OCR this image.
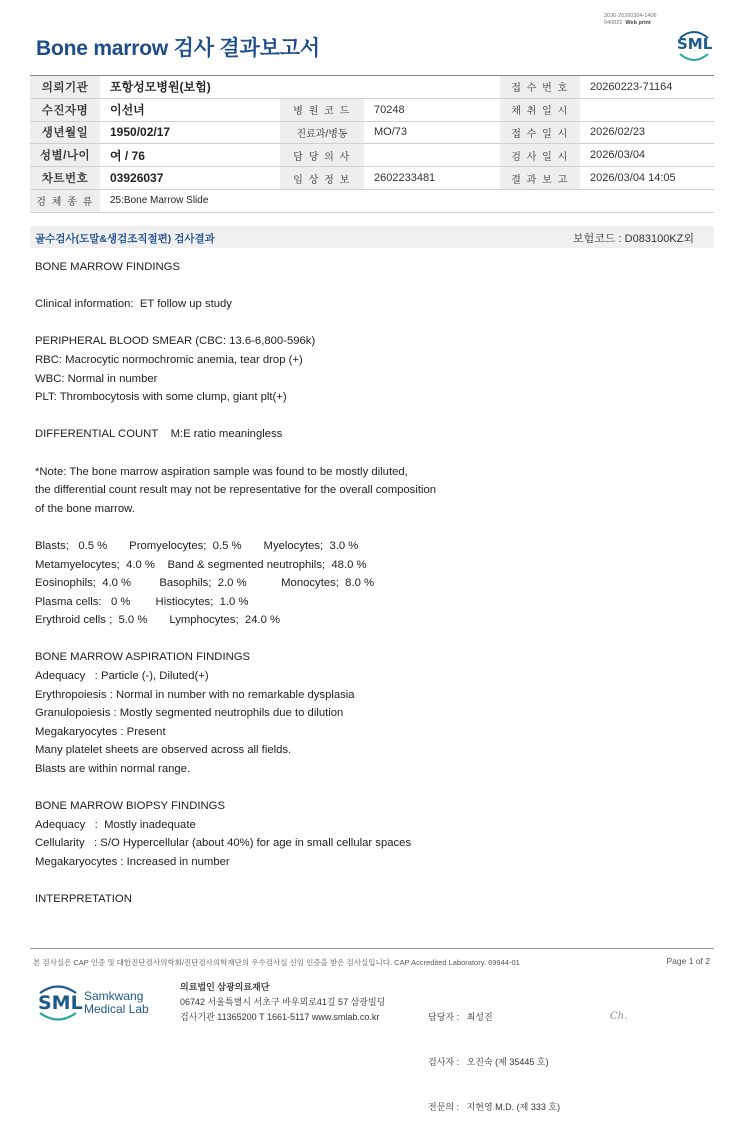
3036-20260304-1406
040822 Web print
Bone marrow 검사 결과보고서	SML
의뢰기관	포항성모병원(보험)			접 수 번 호	20260223-71164
수진자명	이선녀	병 원 코 드	70248	채 취 일 시	
생년월일	1950/02/17	진료과/병동	MO/73	접 수 일 시	2026/02/23
성별/나이	여 / 76	담 당 의 사		검 사 일 시	2026/03/04
차트번호	03926037	임 상 정 보	2602233481	결 과 보 고	2026/03/04 14:05
검 체 종 류	25:Bone Marrow Slide				
골수검사(도말&생검조직절편) 검사결과	보험코드 : D083100KZ외
BONE MARROW FINDINGS

Clinical information:  ET follow up study

PERIPHERAL BLOOD SMEAR (CBC: 13.6-6,800-596k)
RBC: Macrocytic normochromic anemia, tear drop (+)
WBC: Normal in number
PLT: Thrombocytosis with some clump, giant plt(+)

DIFFERENTIAL COUNT    M:E ratio meaningless

*Note: The bone marrow aspiration sample was found to be mostly diluted,
the differential count result may not be representative for the overall composition
of the bone marrow.

Blasts;   0.5 %       Promyelocytes;  0.5 %       Myelocytes;  3.0 %
Metamyelocytes;  4.0 %    Band & segmented neutrophils;  48.0 %
Eosinophils;  4.0 %         Basophils;  2.0 %           Monocytes;  8.0 %
Plasma cells:   0 %        Histiocytes;  1.0 %
Erythroid cells ;  5.0 %       Lymphocytes;  24.0 %

BONE MARROW ASPIRATION FINDINGS
Adequacy   : Particle (-), Diluted(+)
Erythropoiesis : Normal in number with no remarkable dysplasia
Granulopoiesis : Mostly segmented neutrophils due to dilution
Megakaryocytes : Present
Many platelet sheets are observed across all fields.
Blasts are within normal range.

BONE MARROW BIOPSY FINDINGS
Adequacy   :  Mostly inadequate
Cellularity   : S/O Hypercellular (about 40%) for age in small cellular spaces
Megakaryocytes : Increased in number

INTERPRETATION
본 검사실은 CAP 인증 및 대한진단검사의학회/진단검사의학재단의 우수검사실 신임 인증을 받은 검사실입니다. CAP Accredited Laboratory. 69944-01	Page 1 of 2
SML Samkwang
Medical Lab
의료법인 삼광의료재단
06742 서울특별시 서초구 바우뫼로41길 57 삼광빌딩
검사기관 11365200 T 1661-5117 www.smlab.co.kr

	담당자 :   최성진

검사자 :   오진숙 (제 35445 호)

전문의 :   지현영 M.D. (제 333 호)

Ch.
